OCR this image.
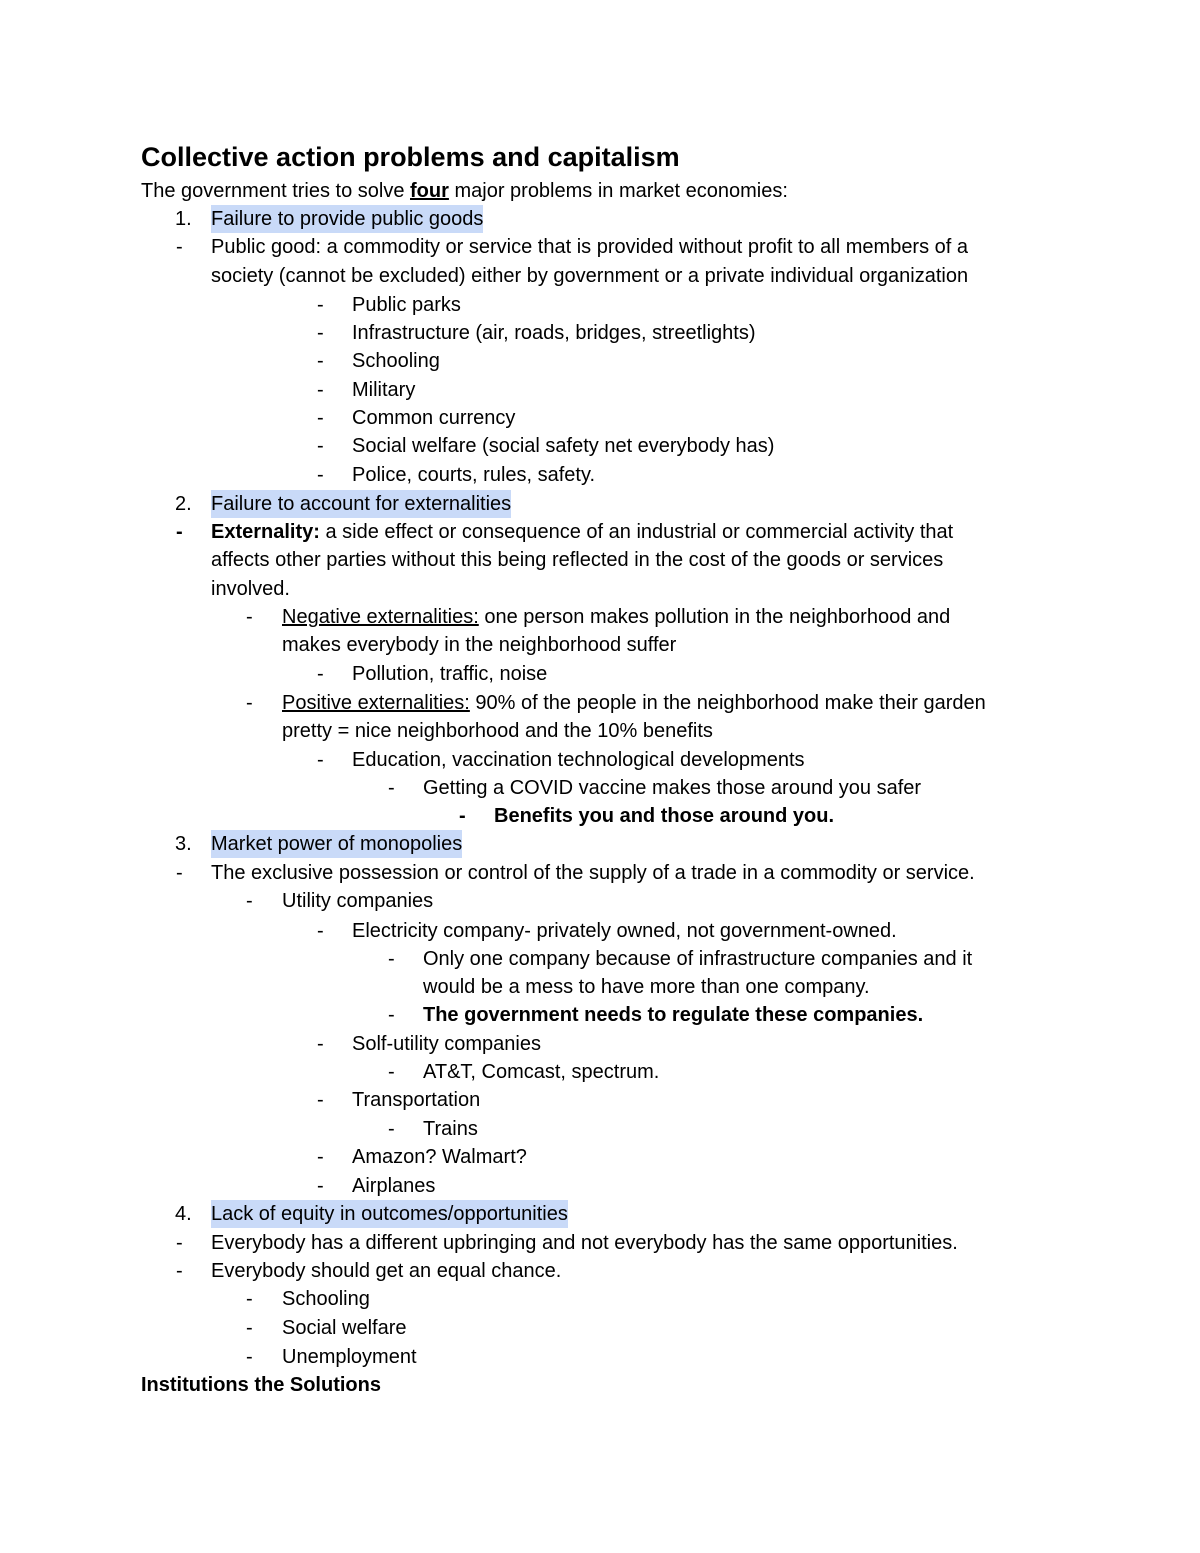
Collective action problems and capitalism
The government tries to solve four major problems in market economies:
1. Failure to provide public goods
- Public good: a commodity or service that is provided without profit to all members of a
society (cannot be excluded) either by government or a private individual organization
- Public parks
- Infrastructure (air, roads, bridges, streetlights)
- Schooling
- Military
- Common currency
- Social welfare (social safety net everybody has)
- Police, courts, rules, safety.
2. Failure to account for externalities
- Externality: a side effect or consequence of an industrial or commercial activity that
affects other parties without this being reflected in the cost of the goods or services
involved.
- Negative externalities: one person makes pollution in the neighborhood and
makes everybody in the neighborhood suffer
- Pollution, traffic, noise
- Positive externalities: 90% of the people in the neighborhood make their garden
pretty = nice neighborhood and the 10% benefits
- Education, vaccination technological developments
- Getting a COVID vaccine makes those around you safer
- Benefits you and those around you.
3. Market power of monopolies
- The exclusive possession or control of the supply of a trade in a commodity or service.
- Utility companies
- Electricity company- privately owned, not government-owned.
- Only one company because of infrastructure companies and it
would be a mess to have more than one company.
- The government needs to regulate these companies.
- Solf-utility companies
- AT&T, Comcast, spectrum.
- Transportation
- Trains
- Amazon? Walmart?
- Airplanes
4. Lack of equity in outcomes/opportunities
- Everybody has a different upbringing and not everybody has the same opportunities.
- Everybody should get an equal chance.
- Schooling
- Social welfare
- Unemployment
Institutions the Solutions
